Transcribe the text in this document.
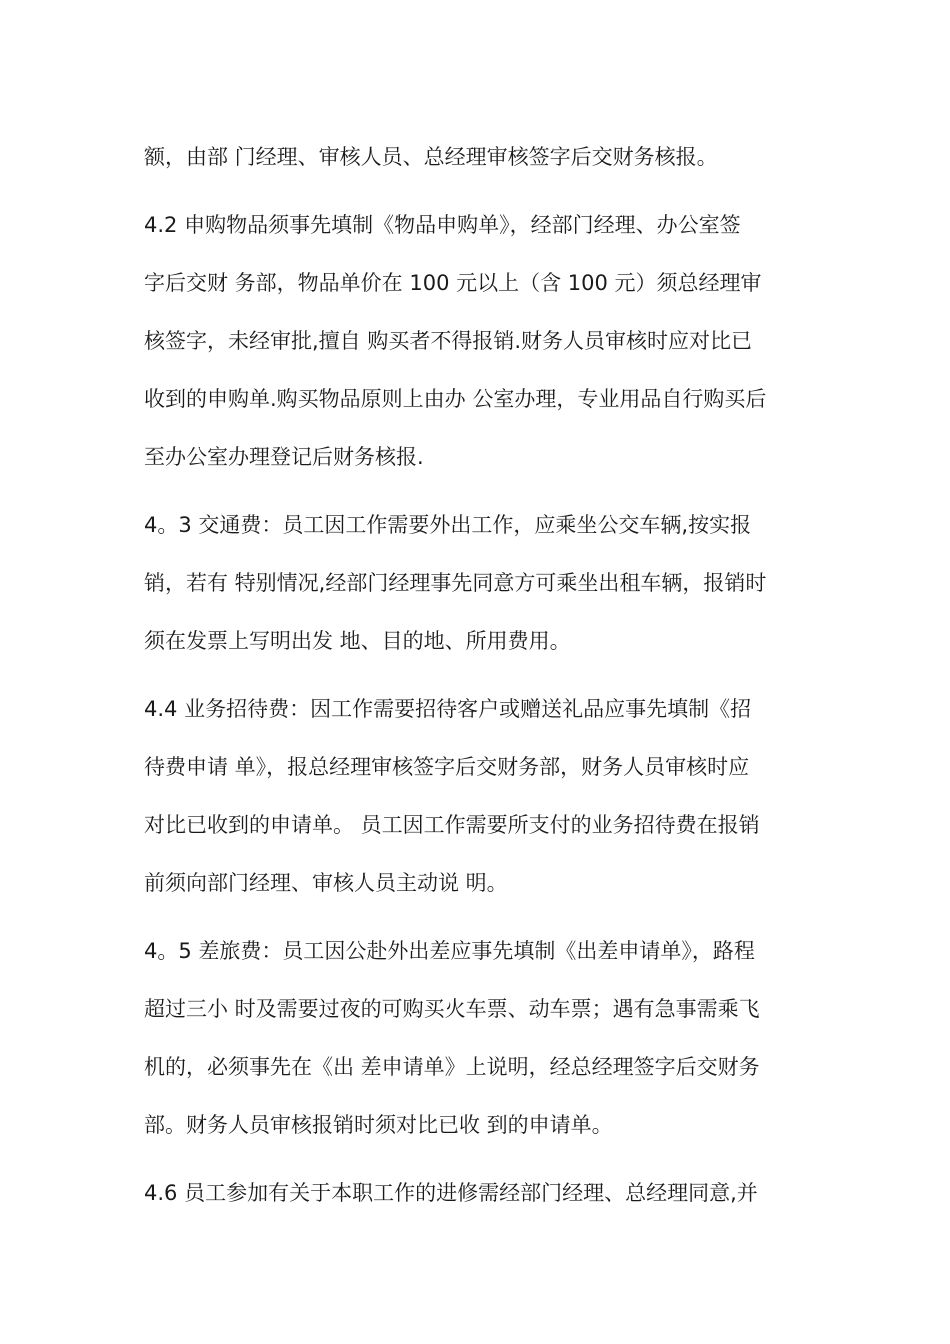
额，由部 门经理、审核人员、总经理审核签字后交财务核报。
4.2 申购物品须事先填制《物品申购单》，经部门经理、办公室签
字后交财 务部，物品单价在 100 元以上（含 100 元）须总经理审
核签字，未经审批,擅自 购买者不得报销.财务人员审核时应对比已
收到的申购单.购买物品原则上由办 公室办理，专业用品自行购买后
至办公室办理登记后财务核报.
4。3 交通费：员工因工作需要外出工作，应乘坐公交车辆,按实报
销，若有 特别情况,经部门经理事先同意方可乘坐出租车辆，报销时
须在发票上写明出发 地、目的地、所用费用。
4.4 业务招待费：因工作需要招待客户或赠送礼品应事先填制《招
待费申请 单》，报总经理审核签字后交财务部，财务人员审核时应
对比已收到的申请单。 员工因工作需要所支付的业务招待费在报销
前须向部门经理、审核人员主动说 明。
4。5 差旅费：员工因公赴外出差应事先填制《出差申请单》，路程
超过三小 时及需要过夜的可购买火车票、动车票；遇有急事需乘飞
机的，必须事先在《出 差申请单》上说明，经总经理签字后交财务
部。财务人员审核报销时须对比已收 到的申请单。
4.6 员工参加有关于本职工作的进修需经部门经理、总经理同意,并
